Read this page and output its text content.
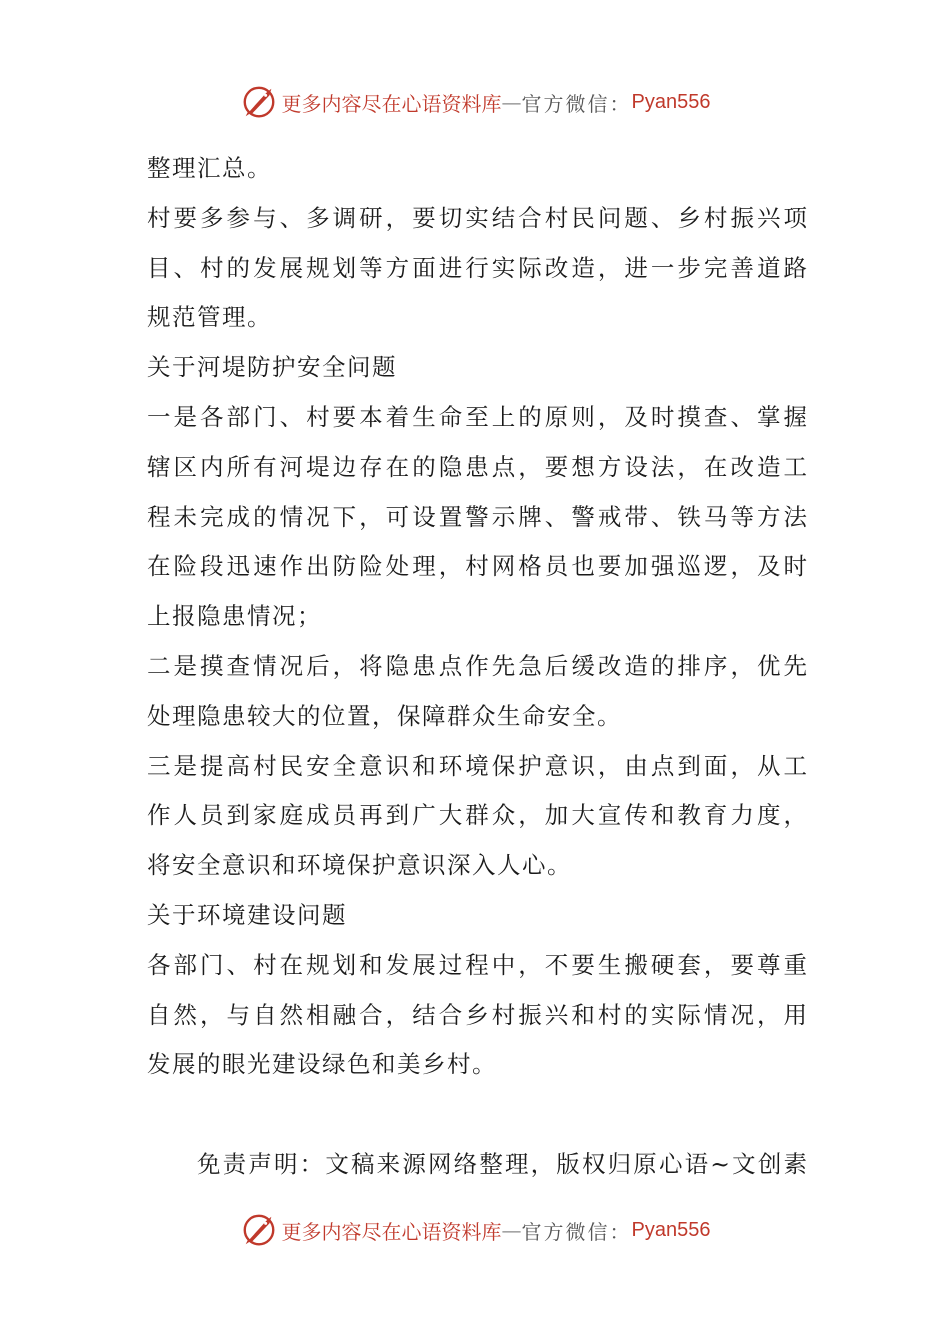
更多内容尽在心语资料库 — 官方微信： Pyan556
整理汇总。
村要多参与、多调研，要切实结合村民问题、乡村振兴项
目、村的发展规划等方面进行实际改造，进一步完善道路
规范管理。
关于河堤防护安全问题
一是各部门、村要本着生命至上的原则，及时摸查、掌握
辖区内所有河堤边存在的隐患点，要想方设法，在改造工
程未完成的情况下，可设置警示牌、警戒带、铁马等方法
在险段迅速作出防险处理，村网格员也要加强巡逻，及时
上报隐患情况；
二是摸查情况后，将隐患点作先急后缓改造的排序，优先
处理隐患较大的位置，保障群众生命安全。
三是提高村民安全意识和环境保护意识，由点到面，从工
作人员到家庭成员再到广大群众，加大宣传和教育力度，
将安全意识和环境保护意识深入人心。
关于环境建设问题
各部门、村在规划和发展过程中，不要生搬硬套，要尊重
自然，与自然相融合，结合乡村振兴和村的实际情况，用
发展的眼光建设绿色和美乡村。
免责声明：文稿来源网络整理，版权归原心语~文创素
更多内容尽在心语资料库 — 官方微信： Pyan556
